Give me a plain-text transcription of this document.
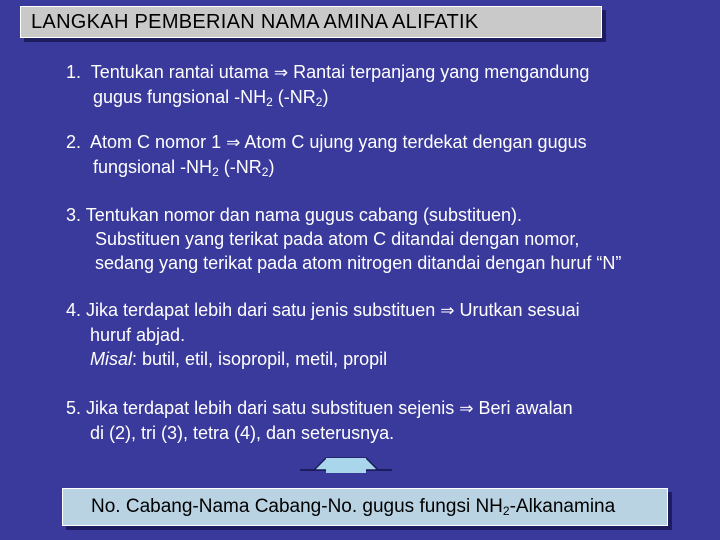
LANGKAH PEMBERIAN NAMA AMINA ALIFATIK
1. Tentukan rantai utama ⇒ Rantai terpanjang yang mengandung
gugus fungsional $-NH_2$ $(-NR_2)$
2. Atom C nomor 1 ⇒ Atom C ujung yang terdekat dengan gugus
fungsional $-NH_2$ $(-NR_2)$
3. Tentukan nomor dan nama gugus cabang (substituen).
Substituen yang terikat pada atom C ditandai dengan nomor,
sedang yang terikat pada atom nitrogen ditandai dengan huruf “N”
4. Jika terdapat lebih dari satu jenis substituen ⇒ Urutkan sesuai
huruf abjad.
Misal: butil, etil, isopropil, metil, propil
5. Jika terdapat lebih dari satu substituen sejenis ⇒ Beri awalan
di (2), tri (3), tetra (4), dan seterusnya.
No. Cabang-Nama Cabang-No. gugus fungsi $NH_2$-Alkanamina
